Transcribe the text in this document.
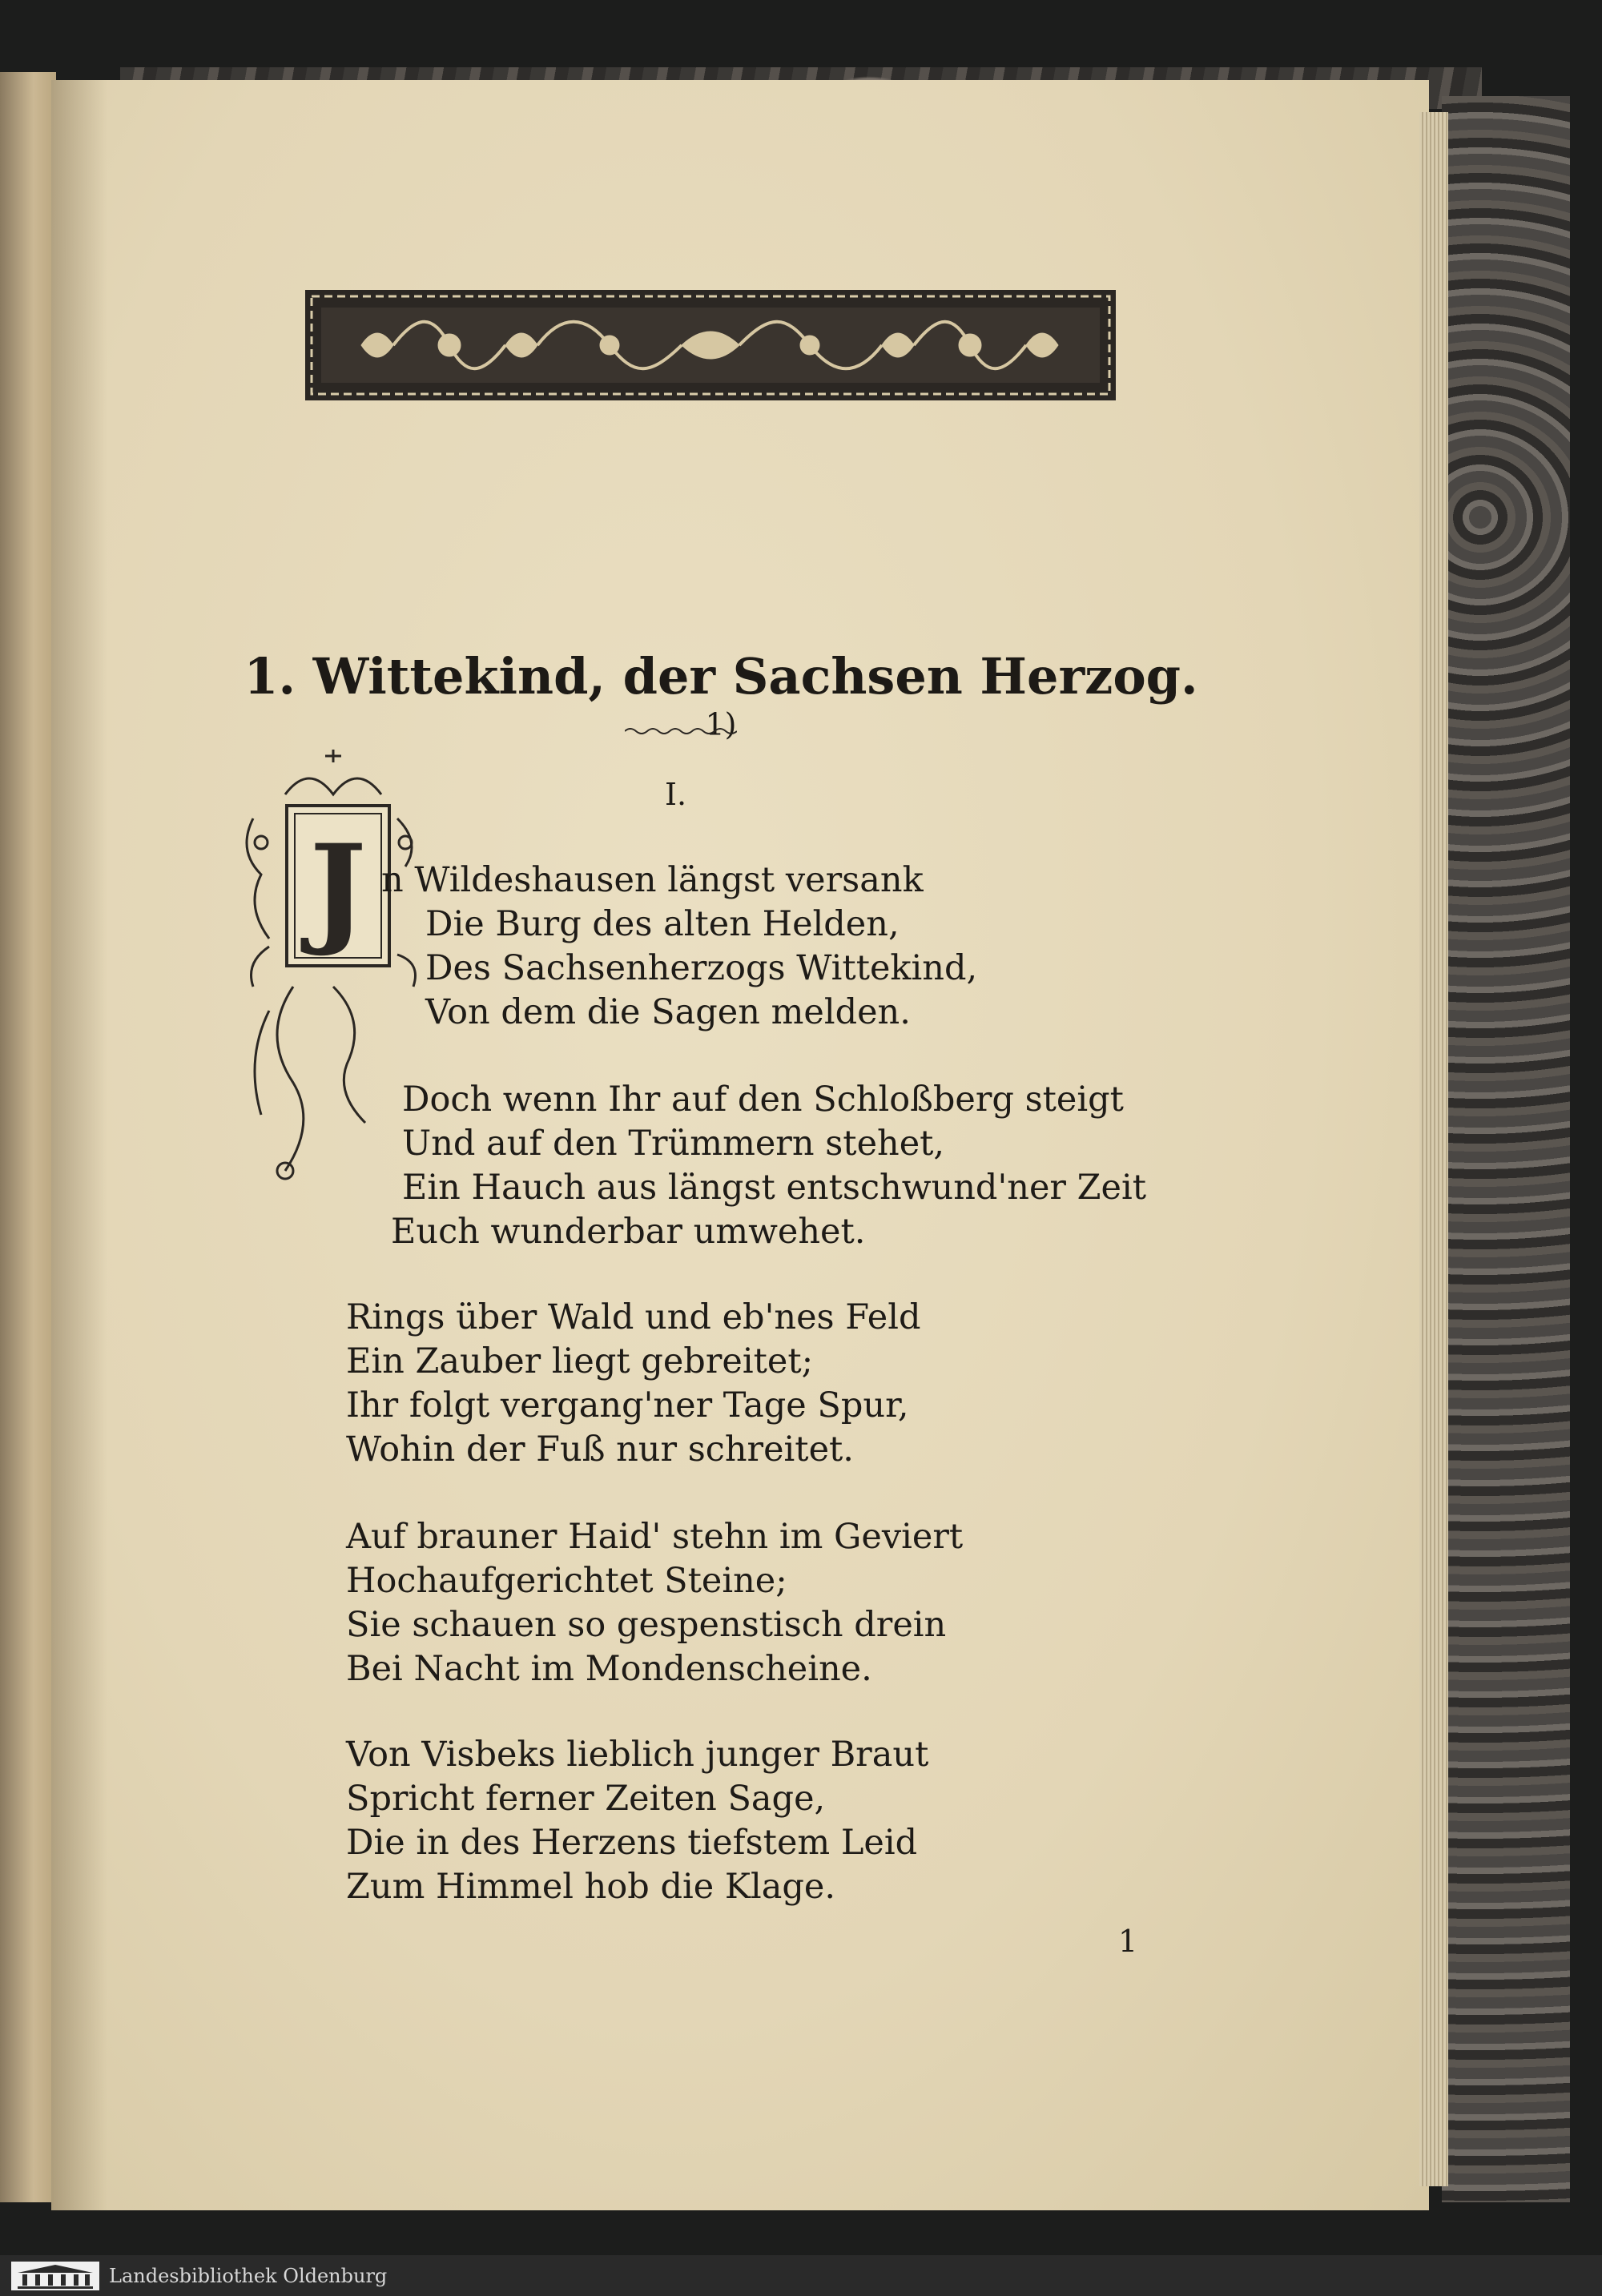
1. Wittekind, der Sachsen Herzog. $^{1)}$
I.
J n Wildeshausen längst versank
Die Burg des alten Helden,
Des Sachsenherzogs Wittekind,
Von dem die Sagen melden.
Doch wenn Ihr auf den Schloßberg steigt
Und auf den Trümmern stehet,
Ein Hauch aus längst entschwund'ner Zeit
Euch wunderbar umwehet.
Rings über Wald und eb'nes Feld
Ein Zauber liegt gebreitet;
Ihr folgt vergang'ner Tage Spur,
Wohin der Fuß nur schreitet.
Auf brauner Haid' stehn im Geviert
Hochaufgerichtet Steine;
Sie schauen so gespenstisch drein
Bei Nacht im Mondenscheine.
Von Visbeks lieblich junger Braut
Spricht ferner Zeiten Sage,
Die in des Herzens tiefstem Leid
Zum Himmel hob die Klage.
1
Landesbibliothek Oldenburg
